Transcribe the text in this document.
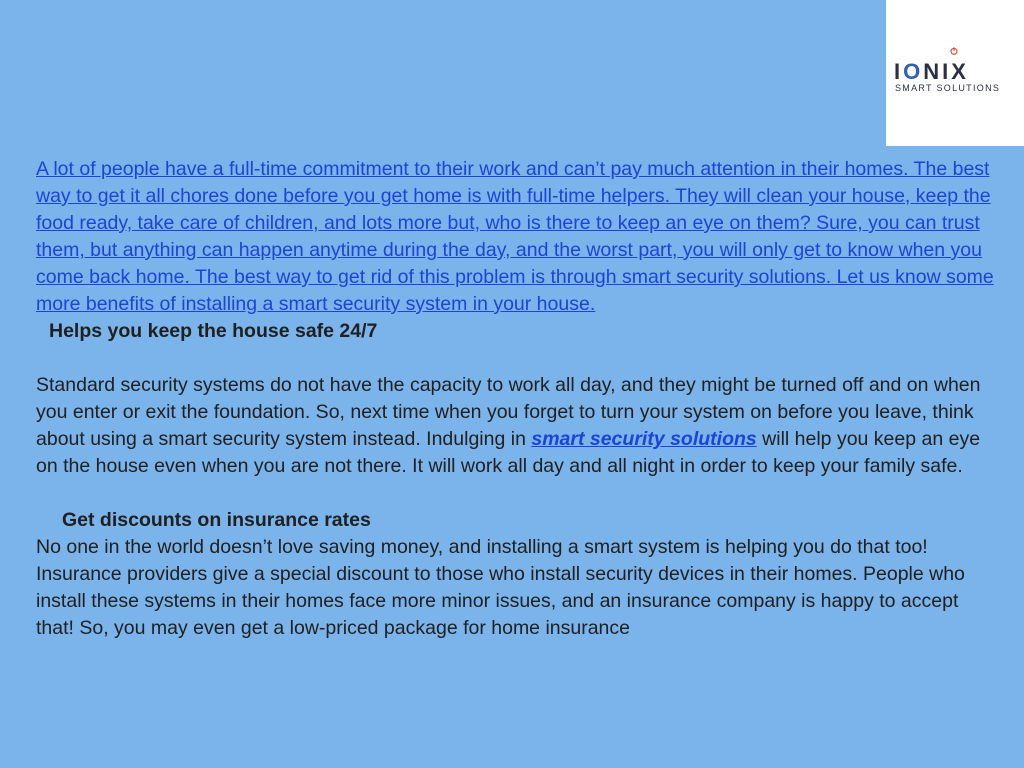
IONIX
SMART SOLUTIONS
A lot of people have a full-time commitment to their work and can’t pay much attention in their homes. The best way to get it all chores done before you get home is with full-time helpers. They will clean your house, keep the food ready, take care of children, and lots more but, who is there to keep an eye on them? Sure, you can trust them, but anything can happen anytime during the day, and the worst part, you will only get to know when you come back home. The best way to get rid of this problem is through smart security solutions. Let us know some more benefits of installing a smart security system in your house.

Helps you keep the house safe 24/7

Standard security systems do not have the capacity to work all day, and they might be turned off and on when you enter or exit the foundation. So, next time when you forget to turn your system on before you leave, think about using a smart security system instead. Indulging in smart security solutions will help you keep an eye on the house even when you are not there. It will work all day and all night in order to keep your family safe.

Get discounts on insurance rates

No one in the world doesn’t love saving money, and installing a smart system is helping you do that too! Insurance providers give a special discount to those who install security devices in their homes. People who install these systems in their homes face more minor issues, and an insurance company is happy to accept that! So, you may even get a low-priced package for home insurance
